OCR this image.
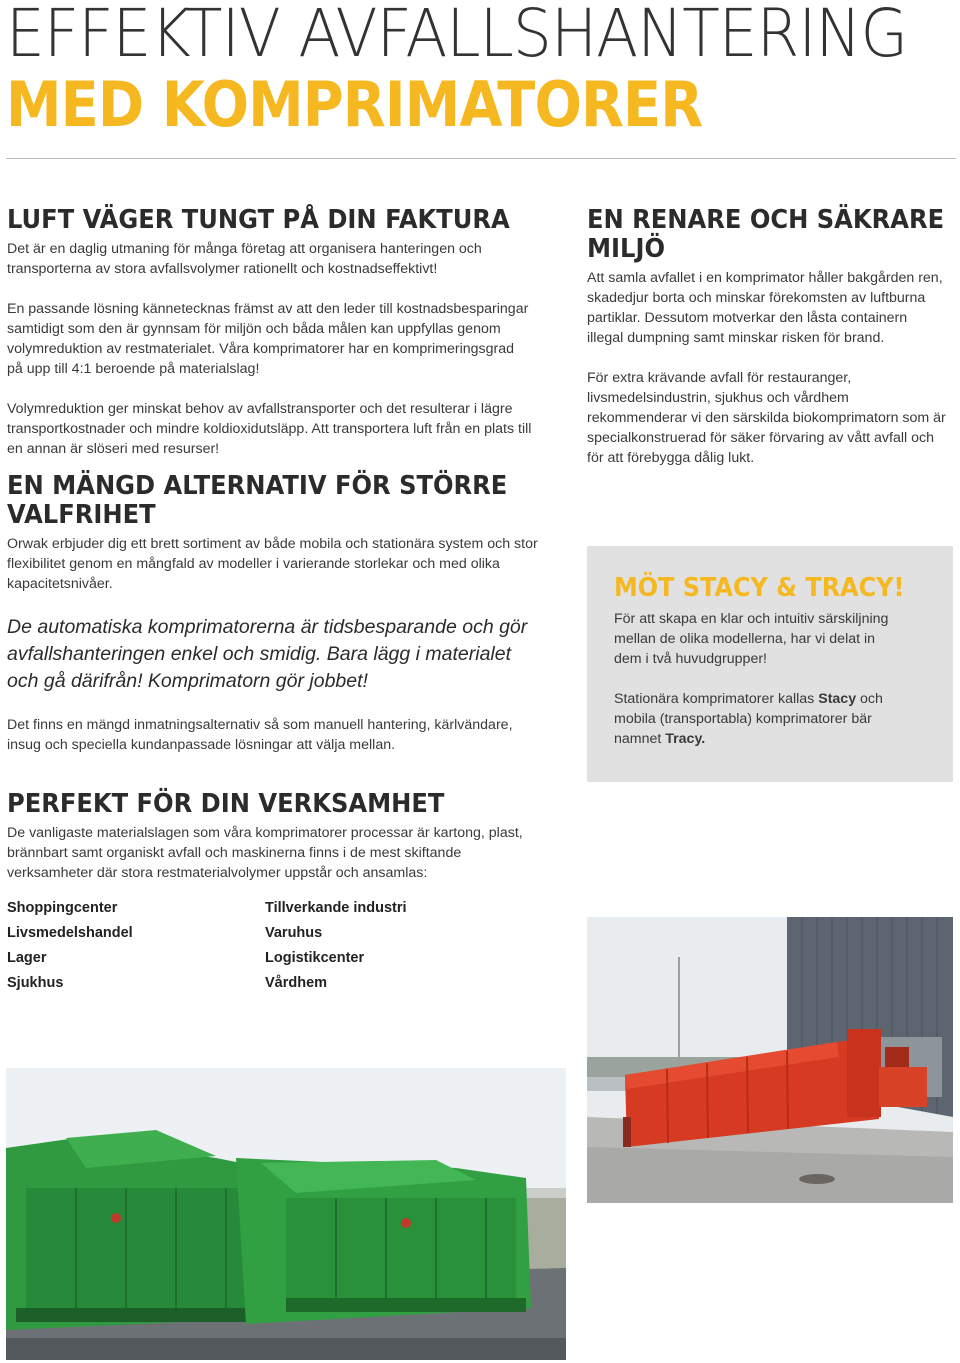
EFFEKTIV AVFALLSHANTERING
MED KOMPRIMATORER
LUFT VÄGER TUNGT PÅ DIN FAKTURA

Det är en daglig utmaning för många företag att organisera hanteringen och transporterna av stora avfallsvolymer rationellt och kostnadseffektivt!

En passande lösning kännetecknas främst av att den leder till kostnadsbesparingar samtidigt som den är gynnsam för miljön och båda målen kan uppfyllas genom volymreduktion av restmaterialet. Våra komprimatorer har en komprimeringsgrad på upp till 4:1 beroende på materialslag!

Volymreduktion ger minskat behov av avfallstransporter och det resulterar i lägre transportkostnader och mindre koldioxidutsläpp. Att transportera luft från en plats till en annan är slöseri med resurser!

EN MÄNGD ALTERNATIV FÖR STÖRRE
VALFRIHET

Orwak erbjuder dig ett brett sortiment av både mobila och stationära system och stor flexibilitet genom en mångfald av modeller i varierande storlekar och med olika kapacitetsnivåer.

De automatiska komprimatorerna är tidsbesparande och gör avfallshanteringen enkel och smidig. Bara lägg i materialet och gå därifrån! Komprimatorn gör jobbet!

Det finns en mängd inmatningsalternativ så som manuell hantering, kärlvändare, insug och speciella kundanpassade lösningar att välja mellan.

PERFEKT FÖR DIN VERKSAMHET

De vanligaste materialslagen som våra komprimatorer processar är kartong, plast, brännbart samt organiskt avfall och maskinerna finns i de mest skiftande verksamheter där stora restmaterialvolymer uppstår och ansamlas:

Shoppingcenter
Livsmedelshandel
Lager
Sjukhus
Tillverkande industri
Varuhus
Logistikcenter
Vårdhem
EN RENARE OCH SÄKRARE
MILJÖ

Att samla avfallet i en komprimator håller bakgården ren, skadedjur borta och minskar förekomsten av luftburna partiklar. Dessutom motverkar den låsta containern illegal dumpning samt minskar risken för brand.

För extra krävande avfall för restauranger, livsmedelsindustrin, sjukhus och vårdhem rekommenderar vi den särskilda biokomprimatorn som är specialkonstruerad för säker förvaring av vått avfall och för att förebygga dålig lukt.

MÖT STACY & TRACY!

För att skapa en klar och intuitiv särskiljning mellan de olika modellerna, har vi delat in dem i två huvudgrupper!

Stationära komprimatorer kallas Stacy och mobila (transportabla) komprimatorer bär namnet Tracy.
